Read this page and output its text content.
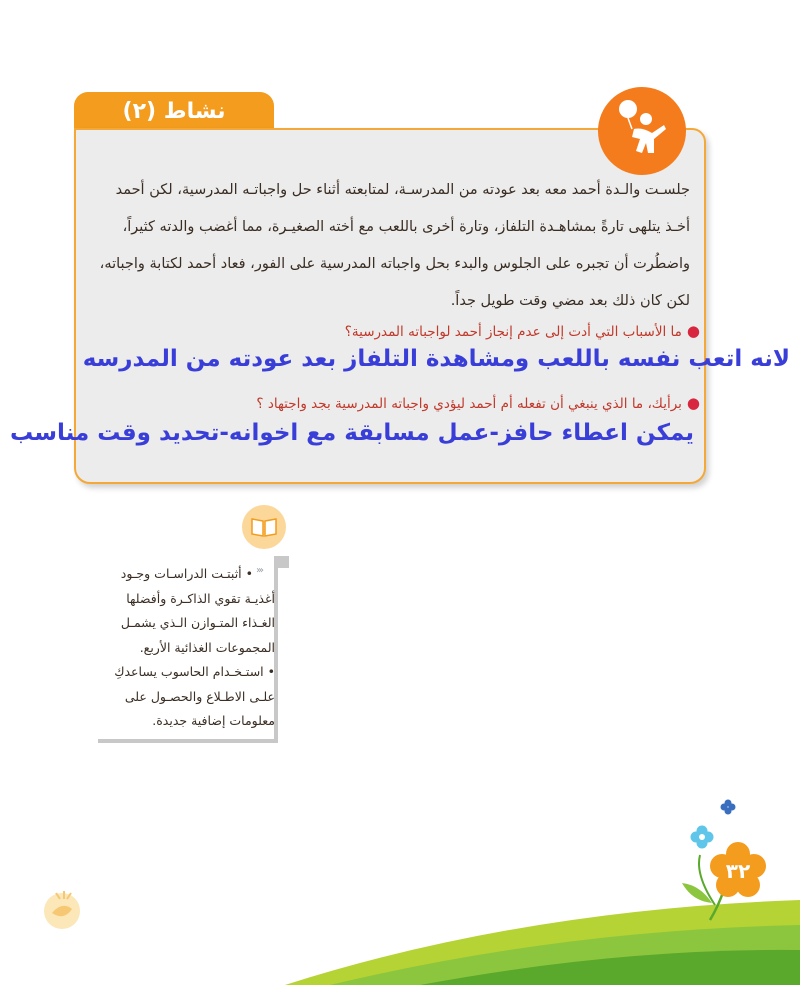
نشاط (٢)

جلسـت والـدة أحمد معه بعد عودته من المدرسـة، لمتابعته أثناء حل واجباتـه المدرسية، لكن أحمد

أخـذ يتلهى تارةً بمشاهـدة التلفاز، وتارة أخرى باللعب مع أخته الصغيـرة، مما أغضب والدته كثيراً،

واضطُرت أن تجبره على الجلوس والبدء بحل واجباته المدرسية على الفور، فعاد أحمد لكتابة واجباته،

لكن كان ذلك بعد مضي وقت طويل جداً.

●ما الأسباب التي أدت إلى عدم إنجاز أحمد لواجباته المدرسية؟
لانه اتعب نفسه باللعب ومشاهدة التلفاز بعد عودته من المدرسه
●برأيك، ما الذي ينبغي أن تفعله أم أحمد ليؤدي واجباته المدرسية بجد واجتهاد ؟
يمكن اعطاء حافز-عمل مسابقة مع اخوانه-تحديد وقت مناسب
›››

• أثبتـت الدراسـات وجـود

أغذيـة تقوي الذاكـرة وأفضلها

الغـذاء المتـوازن الـذي يشمـل

المجموعات الغذائية الأربع.

• استـخـدام الحاسوب يساعدكِ

علـى الاطـلاع والحصـول على

معلومات إضافية جديدة.

٣٢
